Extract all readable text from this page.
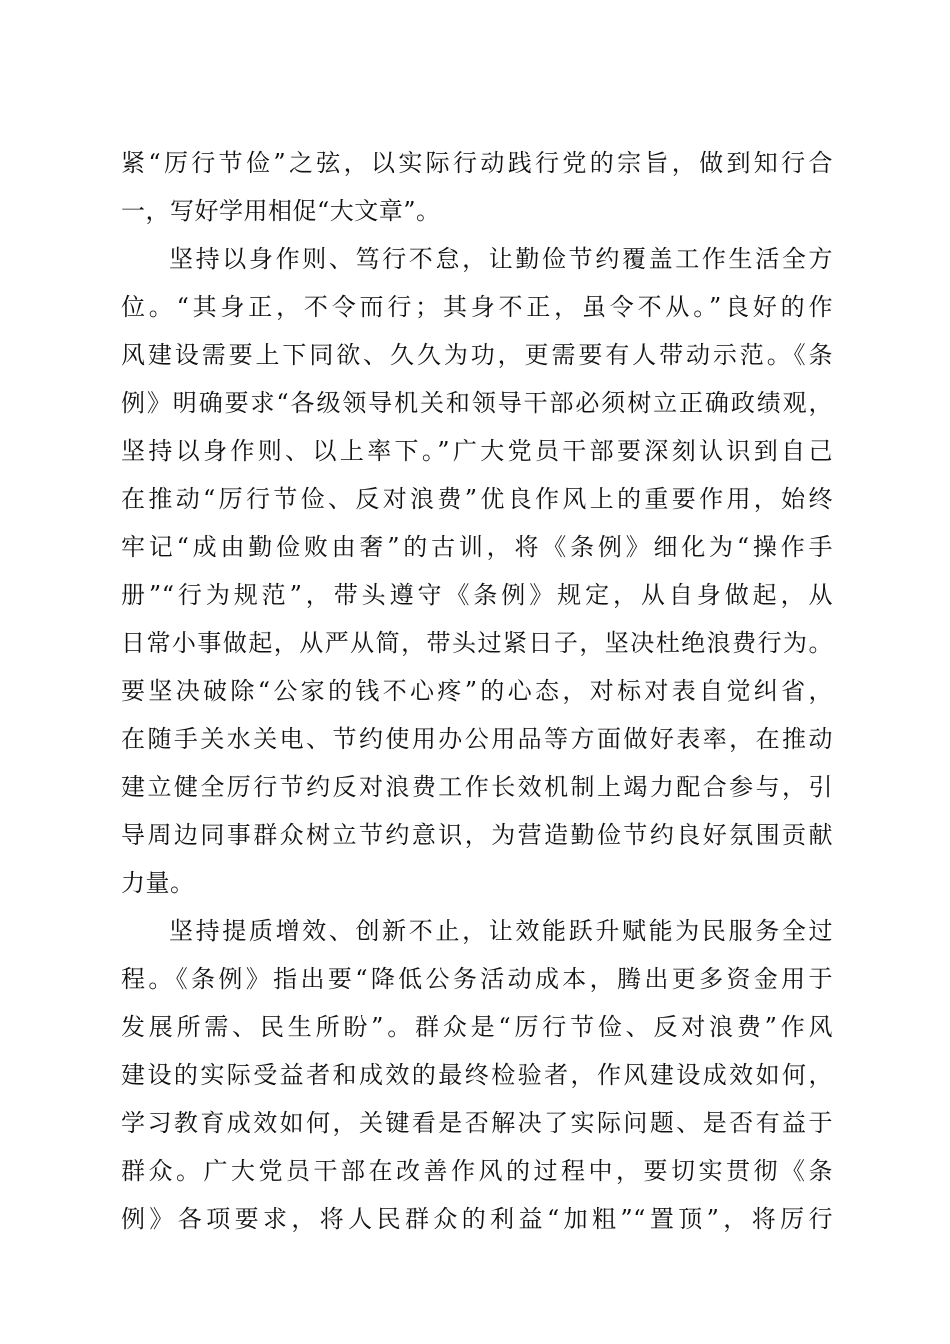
紧“厉行节俭”之弦，以实际行动践行党的宗旨，做到知行合
一，写好学用相促“大文章”。
坚持以身作则、笃行不怠，让勤俭节约覆盖工作生活全方
位。“其身正，不令而行；其身不正，虽令不从。”良好的作
风建设需要上下同欲、久久为功，更需要有人带动示范。《条
例》明确要求“各级领导机关和领导干部必须树立正确政绩观，
坚持以身作则、以上率下。”广大党员干部要深刻认识到自己
在推动“厉行节俭、反对浪费”优良作风上的重要作用，始终
牢记“成由勤俭败由奢”的古训，将《条例》细化为“操作手
册”“行为规范”，带头遵守《条例》规定，从自身做起，从
日常小事做起，从严从简，带头过紧日子，坚决杜绝浪费行为。
要坚决破除“公家的钱不心疼”的心态，对标对表自觉纠省，
在随手关水关电、节约使用办公用品等方面做好表率，在推动
建立健全厉行节约反对浪费工作长效机制上竭力配合参与，引
导周边同事群众树立节约意识，为营造勤俭节约良好氛围贡献
力量。
坚持提质增效、创新不止，让效能跃升赋能为民服务全过
程。《条例》指出要“降低公务活动成本，腾出更多资金用于
发展所需、民生所盼”。群众是“厉行节俭、反对浪费”作风
建设的实际受益者和成效的最终检验者，作风建设成效如何，
学习教育成效如何，关键看是否解决了实际问题、是否有益于
群众。广大党员干部在改善作风的过程中，要切实贯彻《条
例》各项要求，将人民群众的利益“加粗”“置顶”，将厉行
